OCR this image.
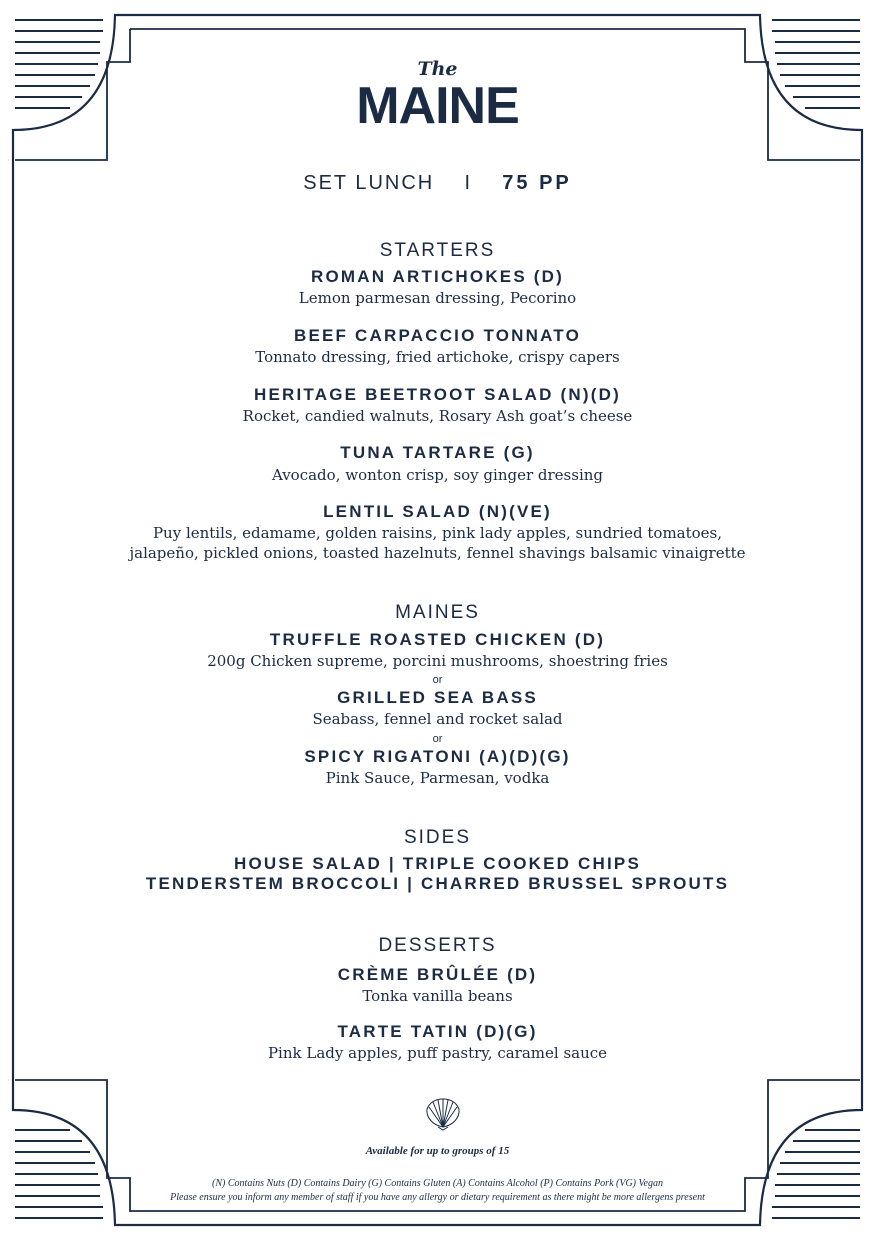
The
MAINE
SET LUNCH I 75 PP
STARTERS
ROMAN ARTICHOKES (D)
Lemon parmesan dressing, Pecorino
BEEF CARPACCIO TONNATO
Tonnato dressing, fried artichoke, crispy capers
HERITAGE BEETROOT SALAD (N)(D)
Rocket, candied walnuts, Rosary Ash goat’s cheese
TUNA TARTARE (G)
Avocado, wonton crisp, soy ginger dressing
LENTIL SALAD (N)(VE)
Puy lentils, edamame, golden raisins, pink lady apples, sundried tomatoes,
jalapeño, pickled onions, toasted hazelnuts, fennel shavings balsamic vinaigrette
MAINES
TRUFFLE ROASTED CHICKEN (D)
200g Chicken supreme, porcini mushrooms, shoestring fries
or
GRILLED SEA BASS
Seabass, fennel and rocket salad
or
SPICY RIGATONI (A)(D)(G)
Pink Sauce, Parmesan, vodka
SIDES
HOUSE SALAD | TRIPLE COOKED CHIPS
TENDERSTEM BROCCOLI | CHARRED BRUSSEL SPROUTS
DESSERTS
CRÈME BRÛLÉE (D)
Tonka vanilla beans
TARTE TATIN (D)(G)
Pink Lady apples, puff pastry, caramel sauce
Available for up to groups of 15
(N) Contains Nuts (D) Contains Dairy (G) Contains Gluten (A) Contains Alcohol (P) Contains Pork (VG) Vegan
Please ensure you inform any member of staff if you have any allergy or dietary requirement as there might be more allergens present
